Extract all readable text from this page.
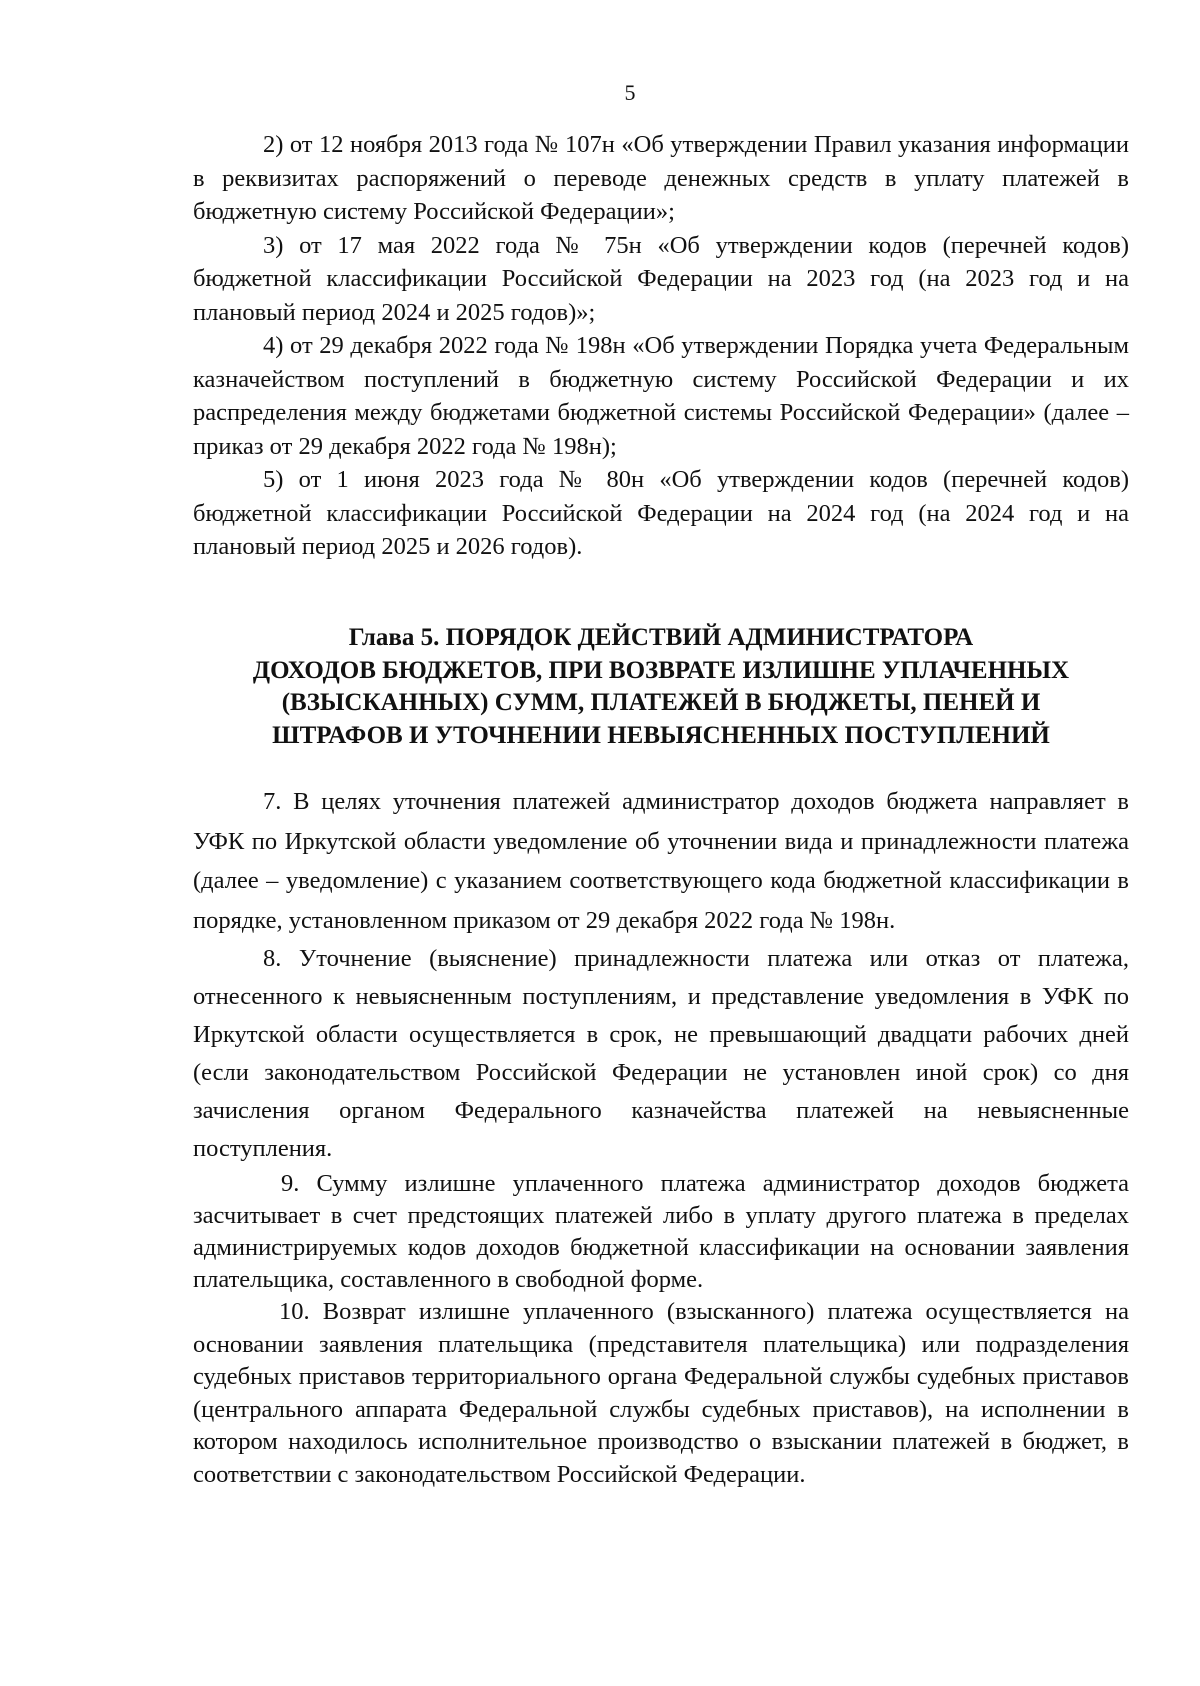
5

2) от 12 ноября 2013 года № 107н «Об утверждении Правил указания информации в реквизитах распоряжений о переводе денежных средств в уплату платежей в бюджетную систему Российской Федерации»;

3) от 17 мая 2022 года № 75н «Об утверждении кодов (перечней кодов) бюджетной классификации Российской Федерации на 2023 год (на 2023 год и на плановый период 2024 и 2025 годов)»;

4) от 29 декабря 2022 года № 198н «Об утверждении Порядка учета Федеральным казначейством поступлений в бюджетную систему Российской Федерации и их распределения между бюджетами бюджетной системы Российской Федерации» (далее – приказ от 29 декабря 2022 года № 198н);

5) от 1 июня 2023 года № 80н «Об утверждении кодов (перечней кодов) бюджетной классификации Российской Федерации на 2024 год (на 2024 год и на плановый период 2025 и 2026 годов).

Глава 5. ПОРЯДОК ДЕЙСТВИЙ АДМИНИСТРАТОРА
ДОХОДОВ БЮДЖЕТОВ, ПРИ ВОЗВРАТЕ ИЗЛИШНЕ УПЛАЧЕННЫХ
(ВЗЫСКАННЫХ) СУММ, ПЛАТЕЖЕЙ В БЮДЖЕТЫ, ПЕНЕЙ И
ШТРАФОВ И УТОЧНЕНИИ НЕВЫЯСНЕННЫХ ПОСТУПЛЕНИЙ

7. В целях уточнения платежей администратор доходов бюджета направляет в УФК по Иркутской области уведомление об уточнении вида и принадлежности платежа (далее – уведомление) с указанием соответствующего кода бюджетной классификации в порядке, установленном приказом от 29 декабря 2022 года № 198н.

8. Уточнение (выяснение) принадлежности платежа или отказ от платежа, отнесенного к невыясненным поступлениям, и представление уведомления в УФК по Иркутской области осуществляется в срок, не превышающий двадцати рабочих дней (если законодательством Российской Федерации не установлен иной срок) со дня зачисления органом Федерального казначейства платежей на невыясненные поступления.

9. Сумму излишне уплаченного платежа администратор доходов бюджета засчитывает в счет предстоящих платежей либо в уплату другого платежа в пределах администрируемых кодов доходов бюджетной классификации на основании заявления плательщика, составленного в свободной форме.

10. Возврат излишне уплаченного (взысканного) платежа осуществляется на основании заявления плательщика (представителя плательщика) или подразделения судебных приставов территориального органа Федеральной службы судебных приставов (центрального аппарата Федеральной службы судебных приставов), на исполнении в котором находилось исполнительное производство о взыскании платежей в бюджет, в соответствии с законодательством Российской Федерации.
